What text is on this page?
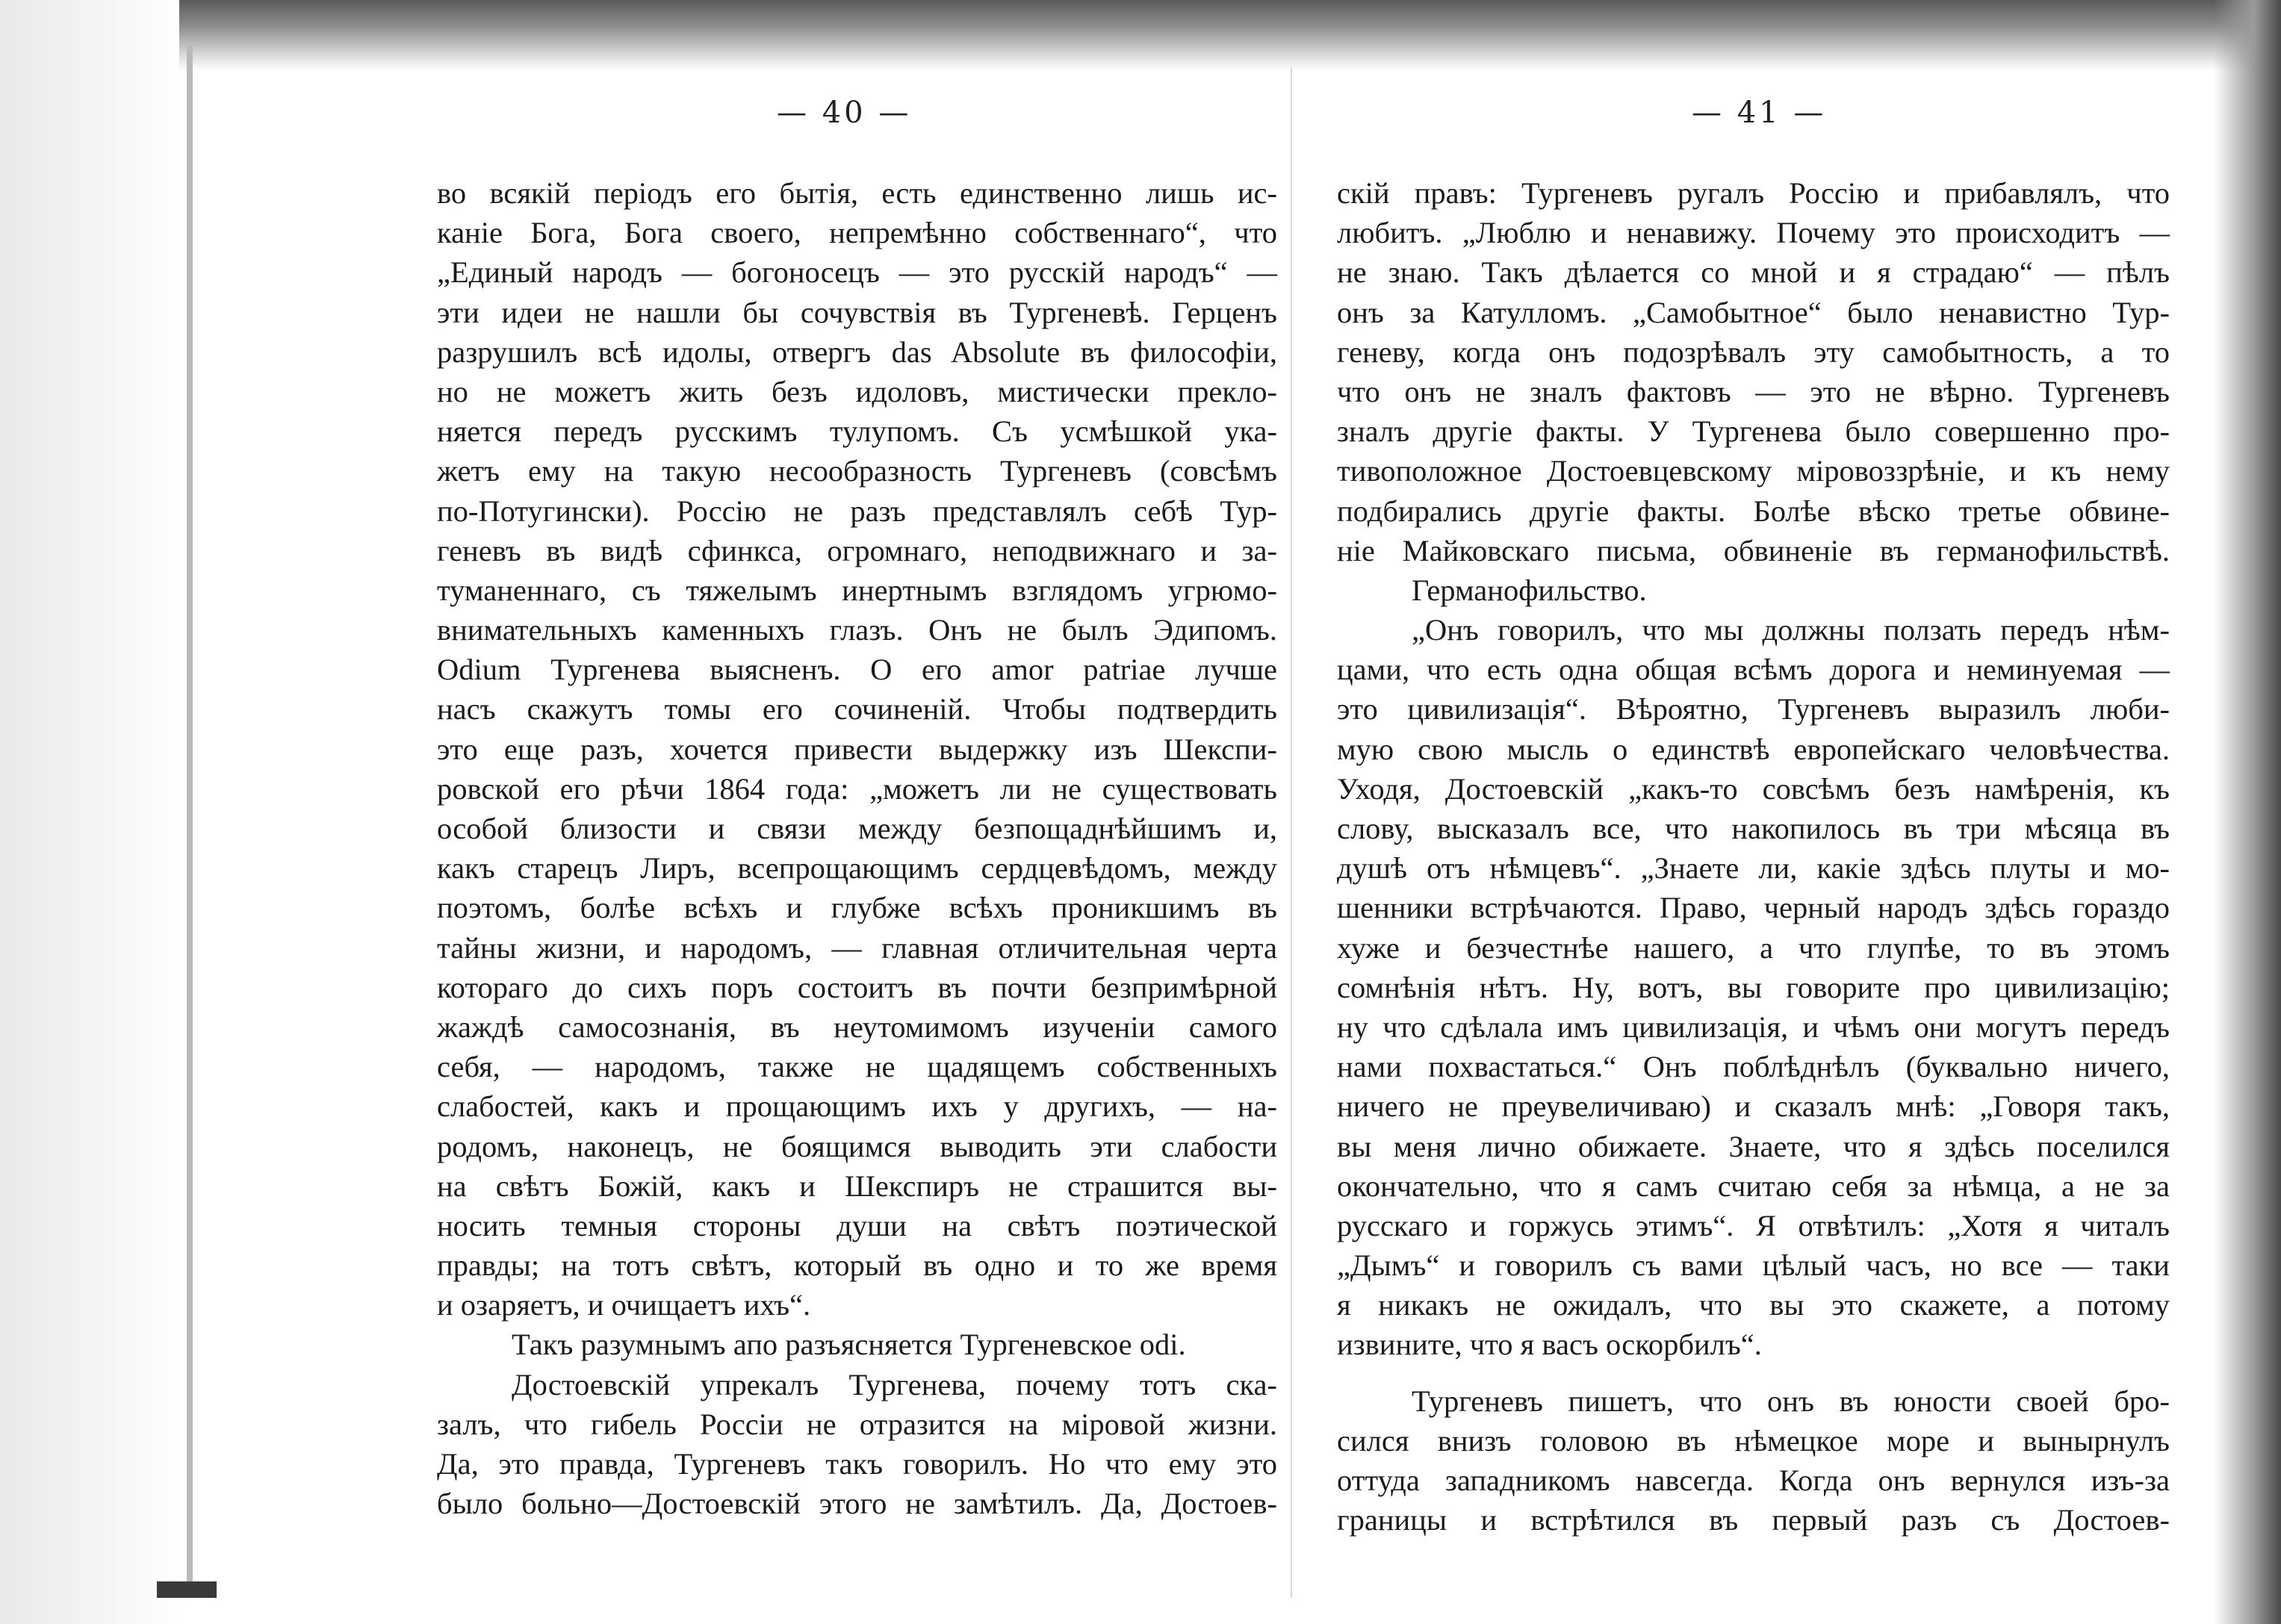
— 40 —	— 41 —
во всякій періодъ его бытія, есть единственно лишь ис-
каніе Бога, Бога своего, непремѣнно собственнаго“, что
„Единый народъ — богоносецъ — это русскій народъ“ —
эти идеи не нашли бы сочувствія въ Тургеневѣ. Герценъ
разрушилъ всѣ идолы, отвергъ das Absolute въ философіи,
но не можетъ жить безъ идоловъ, мистически прекло-
няется передъ русскимъ тулупомъ. Съ усмѣшкой ука-
жетъ ему на такую несообразность Тургеневъ (совсѣмъ
по-Потугински). Россію не разъ представлялъ себѣ Тур-
геневъ въ видѣ сфинкса, огромнаго, неподвижнаго и за-
туманеннаго, съ тяжелымъ инертнымъ взглядомъ угрюмо-
внимательныхъ каменныхъ глазъ. Онъ не былъ Эдипомъ.
Odium Тургенева выясненъ. О его amor patriae лучше
насъ скажутъ томы его сочиненій. Чтобы подтвердить
это еще разъ, хочется привести выдержку изъ Шекспи-
ровской его рѣчи 1864 года: „можетъ ли не существовать
особой близости и связи между безпощаднѣйшимъ и,
какъ старецъ Лиръ, всепрощающимъ сердцевѣдомъ, между
поэтомъ, болѣе всѣхъ и глубже всѣхъ проникшимъ въ
тайны жизни, и народомъ, — главная отличительная черта
котораго до сихъ поръ состоитъ въ почти безпримѣрной
жаждѣ самосознанія, въ неутомимомъ изученіи самого
себя, — народомъ, также не щадящемъ собственныхъ
слабостей, какъ и прощающимъ ихъ у другихъ, — на-
родомъ, наконецъ, не боящимся выводить эти слабости
на свѣтъ Божій, какъ и Шекспиръ не страшится вы-
носить темныя стороны души на свѣтъ поэтической
правды; на тотъ свѣтъ, который въ одно и то же время
и озаряетъ, и очищаетъ ихъ“.
Такъ разумнымъ апо разъясняется Тургеневское odi.
Достоевскій упрекалъ Тургенева, почему тотъ ска-
залъ, что гибель Россіи не отразится на міровой жизни.
Да, это правда, Тургеневъ такъ говорилъ. Но что ему это
было больно—Достоевскій этого не замѣтилъ. Да, Достоев-
скій правъ: Тургеневъ ругалъ Россію и прибавлялъ, что
любитъ. „Люблю и ненавижу. Почему это происходитъ —
не знаю. Такъ дѣлается со мной и я страдаю“ — пѣлъ
онъ за Катулломъ. „Самобытное“ было ненавистно Тур-
геневу, когда онъ подозрѣвалъ эту самобытность, а то
что онъ не зналъ фактовъ — это не вѣрно. Тургеневъ
зналъ другіе факты. У Тургенева было совершенно про-
тивоположное Достоевцевскому міровоззрѣніе, и къ нему
подбирались другіе факты. Болѣе вѣско третье обвине-
ніе Майковскаго письма, обвиненіе въ германофильствѣ.
Германофильство.
„Онъ говорилъ, что мы должны ползать передъ нѣм-
цами, что есть одна общая всѣмъ дорога и неминуемая —
это цивилизація“. Вѣроятно, Тургеневъ выразилъ люби-
мую свою мысль о единствѣ европейскаго человѣчества.
Уходя, Достоевскій „какъ-то совсѣмъ безъ намѣренія, къ
слову, высказалъ все, что накопилось въ три мѣсяца въ
душѣ отъ нѣмцевъ“. „Знаете ли, какіе здѣсь плуты и мо-
шенники встрѣчаются. Право, черный народъ здѣсь гораздо
хуже и безчестнѣе нашего, а что глупѣе, то въ этомъ
сомнѣнія нѣтъ. Ну, вотъ, вы говорите про цивилизацію;
ну что сдѣлала имъ цивилизація, и чѣмъ они могутъ передъ
нами похвастаться.“ Онъ поблѣднѣлъ (буквально ничего,
ничего не преувеличиваю) и сказалъ мнѣ: „Говоря такъ,
вы меня лично обижаете. Знаете, что я здѣсь поселился
окончательно, что я самъ считаю себя за нѣмца, а не за
русскаго и горжусь этимъ“. Я отвѣтилъ: „Хотя я читалъ
„Дымъ“ и говорилъ съ вами цѣлый часъ, но все — таки
я никакъ не ожидалъ, что вы это скажете, а потому
извините, что я васъ оскорбилъ“.
Тургеневъ пишетъ, что онъ въ юности своей бро-
сился внизъ головою въ нѣмецкое море и вынырнулъ
оттуда западникомъ навсегда. Когда онъ вернулся изъ-за
границы и встрѣтился въ первый разъ съ Достоев-
